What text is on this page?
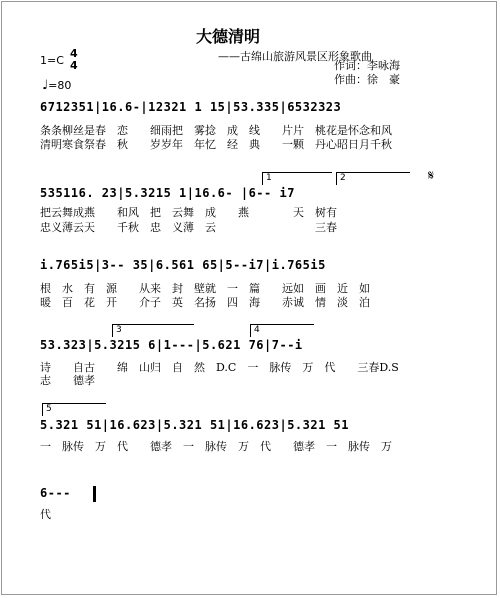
大德清明
——古绵山旅游风景区形象歌曲
1=C
4
4
♩=80
作词：李咏海
作曲：徐　豪
6712351|16.6-|12321 1 15|53.335|6532323
条条柳丝是春　恋　　细雨把　雾捻　成　线　　片片　桃花是怀念和风
清明寒食祭春　秋　　岁岁年　年忆　经　典　　一颗　丹心昭日月千秋
1	2	𝄋
535116. 23|5.3215 1|16.6- |6-- i7
把云舞成燕　　和风　把　云舞　成　　燕　　　　天　树有
忠义薄云天　　千秋　忠　义薄　云　　　　　　　　　三春
i.765i5|3-- 35|6.561 65|5--i7|i.765i5
根　水　有　源　　从来　封　壁就　一　篇　　远如　画　近　如
暖　百　花　开　　介子　英　名扬　四　海　　赤诚　情　淡　泊
3	4
53.323|5.3215 6|1---|5.621 76|7--i
诗　　自古　　绵　山归　自　然　D.C　一　脉传　万　代　　三春D.S
志　　德孝
5
5.321 51|16.623|5.321 51|16.623|5.321 51
一　脉传　万　代　　德孝　一　脉传　万　代　　德孝　一　脉传　万
6---
代
